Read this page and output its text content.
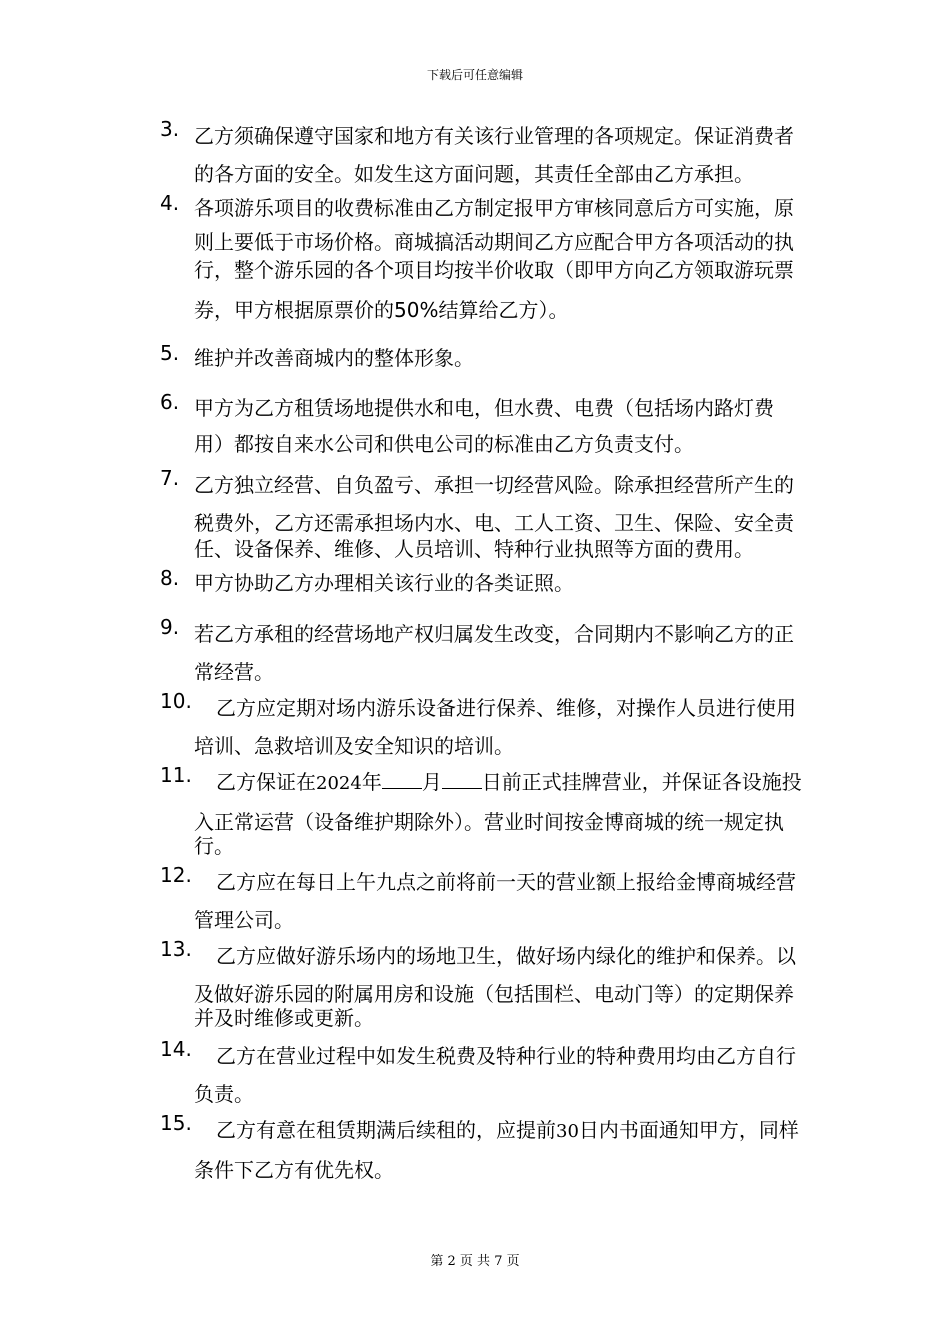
下载后可任意编辑
3. 乙方须确保遵守国家和地方有关该行业管理的各项规定。保证消费者
的各方面的安全。如发生这方面问题，其责任全部由乙方承担。
4. 各项游乐项目的收费标准由乙方制定报甲方审核同意后方可实施，原
则上要低于市场价格。商城搞活动期间乙方应配合甲方各项活动的执
行，整个游乐园的各个项目均按半价收取（即甲方向乙方领取游玩票
券，甲方根据原票价的50%结算给乙方）。
5. 维护并改善商城内的整体形象。
6. 甲方为乙方租赁场地提供水和电，但水费、电费（包括场内路灯费
用）都按自来水公司和供电公司的标准由乙方负责支付。
7. 乙方独立经营、自负盈亏、承担一切经营风险。除承担经营所产生的
税费外，乙方还需承担场内水、电、工人工资、卫生、保险、安全责
任、设备保养、维修、人员培训、特种行业执照等方面的费用。
8. 甲方协助乙方办理相关该行业的各类证照。
9. 若乙方承租的经营场地产权归属发生改变，合同期内不影响乙方的正
常经营。
10.	乙方应定期对场内游乐设备进行保养、维修，对操作人员进行使用
培训、急救培训及安全知识的培训。
11.	乙方保证在2024年 月 日前正式挂牌营业，并保证各设施投
入正常运营（设备维护期除外）。营业时间按金博商城的统一规定执
行。
12.	乙方应在每日上午九点之前将前一天的营业额上报给金博商城经营
管理公司。
13.	乙方应做好游乐场内的场地卫生，做好场内绿化的维护和保养。以
及做好游乐园的附属用房和设施（包括围栏、电动门等）的定期保养
并及时维修或更新。
14.	乙方在营业过程中如发生税费及特种行业的特种费用均由乙方自行
负责。
15.	乙方有意在租赁期满后续租的，应提前30日内书面通知甲方，同样
条件下乙方有优先权。
第 2 页 共 7 页
